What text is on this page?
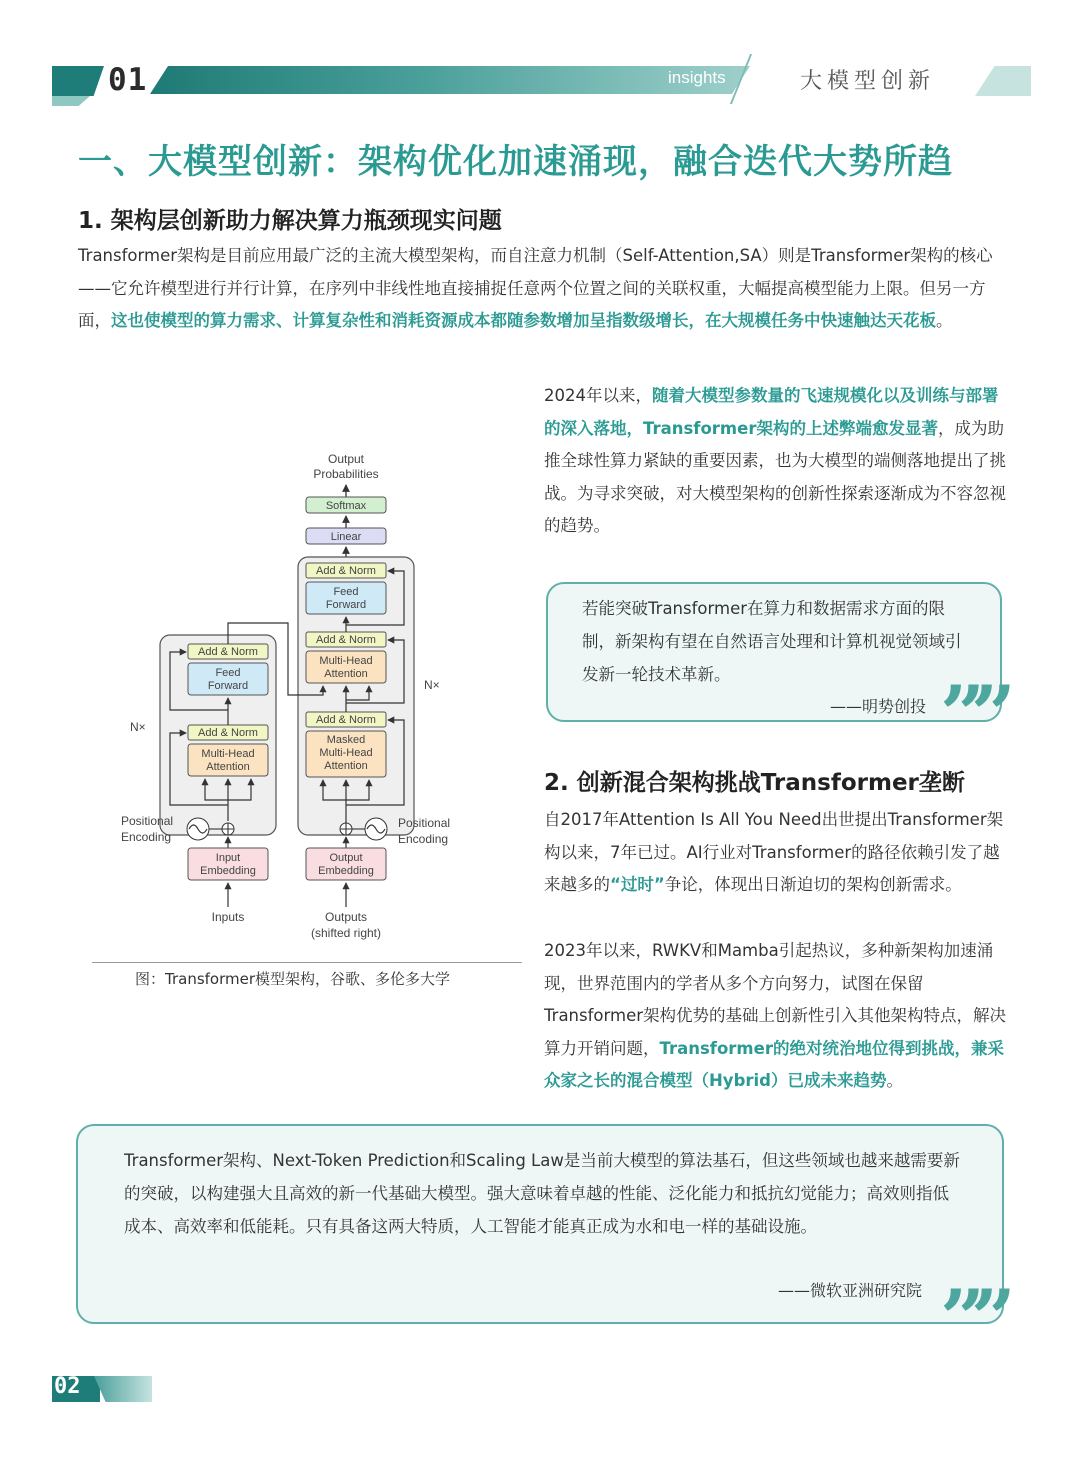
01	insights	大模型创新
一、大模型创新：架构优化加速涌现，融合迭代大势所趋
1. 架构层创新助力解决算力瓶颈现实问题
Transformer架构是目前应用最广泛的主流大模型架构，而自注意力机制（Self-Attention,SA）则是Transformer架构的核心——它允许模型进行并行计算，在序列中非线性地直接捕捉任意两个位置之间的关联权重，大幅提高模型能力上限。但另一方面，这也使模型的算力需求、计算复杂性和消耗资源成本都随参数增加呈指数级增长，在大规模任务中快速触达天花板。
Output
Probabilities
Softmax
Linear
Add & Norm
Feed
Forward
Add & Norm
Multi-Head
Attention
N×
Add & Norm
Feed
Forward
Add & Norm
Multi-Head
Attention
Add & Norm
Masked
Multi-Head
Attention
N×
Positional
Encoding
Positional
Encoding
Input
Embedding
Output
Embedding
Inputs	Outputs
(shifted right)
图：Transformer模型架构，谷歌、多伦多大学
2024年以来，随着大模型参数量的飞速规模化以及训练与部署的深入落地，Transformer架构的上述弊端愈发显著，成为助推全球性算力紧缺的重要因素，也为大模型的端侧落地提出了挑战。为寻求突破，对大模型架构的创新性探索逐渐成为不容忽视的趋势。
若能突破Transformer在算力和数据需求方面的限制，新架构有望在自然语言处理和计算机视觉领域引发新一轮技术革新。
——明势创投 ””
2. 创新混合架构挑战Transformer垄断
自2017年Attention Is All You Need出世提出Transformer架构以来，7年已过。AI行业对Transformer的路径依赖引发了越来越多的“过时”争论，体现出日渐迫切的架构创新需求。
2023年以来，RWKV和Mamba引起热议，多种新架构加速涌现，世界范围内的学者从多个方向努力，试图在保留Transformer架构优势的基础上创新性引入其他架构特点，解决算力开销问题，Transformer的绝对统治地位得到挑战，兼采众家之长的混合模型（Hybrid）已成未来趋势。
Transformer架构、Next-Token Prediction和Scaling Law是当前大模型的算法基石，但这些领域也越来越需要新的突破，以构建强大且高效的新一代基础大模型。强大意味着卓越的性能、泛化能力和抵抗幻觉能力；高效则指低成本、高效率和低能耗。只有具备这两大特质，人工智能才能真正成为水和电一样的基础设施。
——微软亚洲研究院 ””
02
